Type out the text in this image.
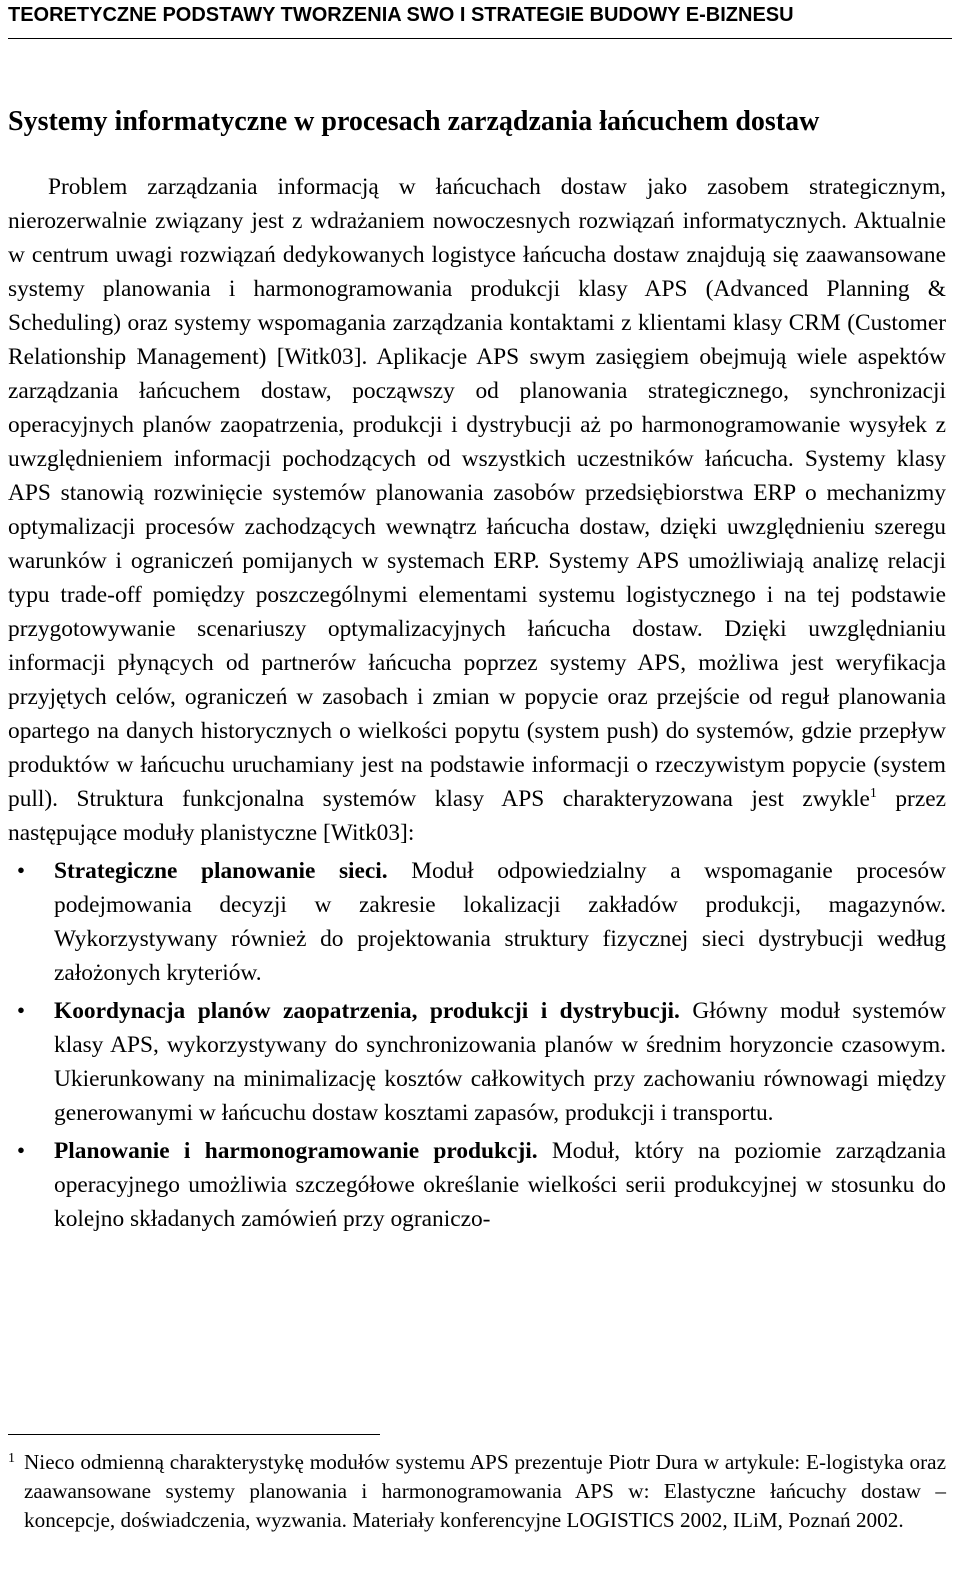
TEORETYCZNE PODSTAWY TWORZENIA SWO I STRATEGIE BUDOWY E-BIZNESU
Systemy informatyczne w procesach zarządzania łańcuchem dostaw

Problem zarządzania informacją w łańcuchach dostaw jako zasobem strategicznym, nierozerwalnie związany jest z wdrażaniem nowoczesnych rozwiązań informatycznych. Aktualnie w centrum uwagi rozwiązań dedykowanych logistyce łańcucha dostaw znajdują się zaawansowane systemy planowania i harmonogramowania produkcji klasy APS (Advanced Planning & Scheduling) oraz systemy wspomagania zarządzania kontaktami z klientami klasy CRM (Customer Relationship Management) [Witk03]. Aplikacje APS swym zasięgiem obejmują wiele aspektów zarządzania łańcuchem dostaw, począwszy od planowania strategicznego, synchronizacji operacyjnych planów zaopatrzenia, produkcji i dystrybucji aż po harmonogramowanie wysyłek z uwzględnieniem informacji pochodzących od wszystkich uczestników łańcucha. Systemy klasy APS stanowią rozwinięcie systemów planowania zasobów przedsiębiorstwa ERP o mechanizmy optymalizacji procesów zachodzących wewnątrz łańcucha dostaw, dzięki uwzględnieniu szeregu warunków i ograniczeń pomijanych w systemach ERP. Systemy APS umożliwiają analizę relacji typu trade-off pomiędzy poszczególnymi elementami systemu logistycznego i na tej podstawie przygotowywanie scenariuszy optymalizacyjnych łańcucha dostaw. Dzięki uwzględnianiu informacji płynących od partnerów łańcucha poprzez systemy APS, możliwa jest weryfikacja przyjętych celów, ograniczeń w zasobach i zmian w popycie oraz przejście od reguł planowania opartego na danych historycznych o wielkości popytu (system push) do systemów, gdzie przepływ produktów w łańcuchu uruchamiany jest na podstawie informacji o rzeczywistym popycie (system pull). Struktura funkcjonalna systemów klasy APS charakteryzowana jest zwykle$^1$ przez następujące moduły planistyczne [Witk03]:

• Strategiczne planowanie sieci. Moduł odpowiedzialny a wspomaganie procesów podejmowania decyzji w zakresie lokalizacji zakładów produkcji, magazynów. Wykorzystywany również do projektowania struktury fizycznej sieci dystrybucji według założonych kryteriów.
• Koordynacja planów zaopatrzenia, produkcji i dystrybucji. Główny moduł systemów klasy APS, wykorzystywany do synchronizowania planów w średnim horyzoncie czasowym. Ukierunkowany na minimalizację kosztów całkowitych przy zachowaniu równowagi między generowanymi w łańcuchu dostaw kosztami zapasów, produkcji i transportu.
• Planowanie i harmonogramowanie produkcji. Moduł, który na poziomie zarządzania operacyjnego umożliwia szczegółowe określanie wielkości serii produkcyjnej w stosunku do kolejno składanych zamówień przy ograniczo-
1 Nieco odmienną charakterystykę modułów systemu APS prezentuje Piotr Dura w artykule: E-logistyka oraz zaawansowane systemy planowania i harmonogramowania APS w: Elastyczne łańcuchy dostaw – koncepcje, doświadczenia, wyzwania. Materiały konferencyjne LOGISTICS 2002, ILiM, Poznań 2002.
